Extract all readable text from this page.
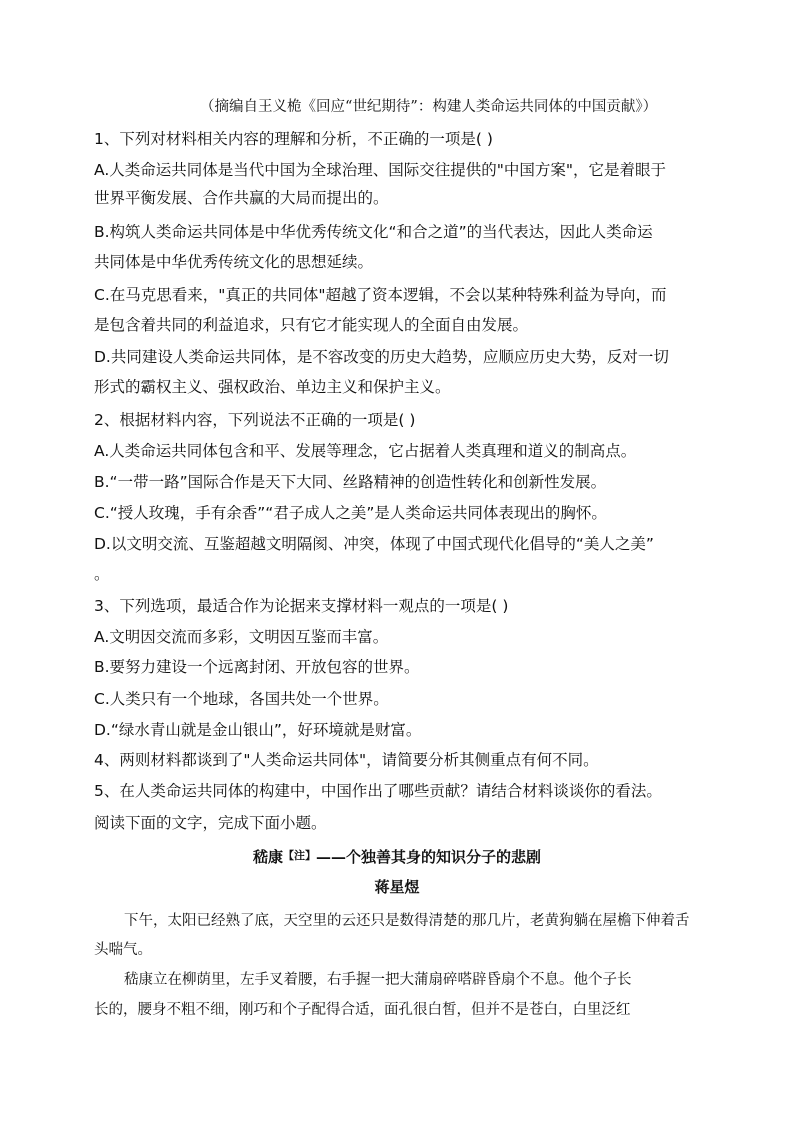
（摘编自王义桅《回应“世纪期待”：构建人类命运共同体的中国贡献》）
1、下列对材料相关内容的理解和分析，不正确的一项是( )
A.人类命运共同体是当代中国为全球治理、国际交往提供的"中国方案"，它是着眼于
世界平衡发展、合作共赢的大局而提出的。
B.构筑人类命运共同体是中华优秀传统文化“和合之道”的当代表达，因此人类命运
共同体是中华优秀传统文化的思想延续。
C.在马克思看来，"真正的共同体"超越了资本逻辑，不会以某种特殊利益为导向，而
是包含着共同的利益追求，只有它才能实现人的全面自由发展。
D.共同建设人类命运共同体，是不容改变的历史大趋势，应顺应历史大势，反对一切
形式的霸权主义、强权政治、单边主义和保护主义。
2、根据材料内容，下列说法不正确的一项是( )
A.人类命运共同体包含和平、发展等理念，它占据着人类真理和道义的制高点。
B.“一带一路”国际合作是天下大同、丝路精神的创造性转化和创新性发展。
C.“授人玫瑰，手有余香”“君子成人之美”是人类命运共同体表现出的胸怀。
D.以文明交流、互鉴超越文明隔阂、冲突，体现了中国式现代化倡导的“美人之美”
。
3、下列选项，最适合作为论据来支撑材料一观点的一项是( )
A.文明因交流而多彩，文明因互鉴而丰富。
B.要努力建设一个远离封闭、开放包容的世界。
C.人类只有一个地球，各国共处一个世界。
D.“绿水青山就是金山银山”，好环境就是财富。
4、两则材料都谈到了"人类命运共同体"，请简要分析其侧重点有何不同。
5、在人类命运共同体的构建中，中国作出了哪些贡献？请结合材料谈谈你的看法。
阅读下面的文字，完成下面小题。
嵇康$^{【注】}$——个独善其身的知识分子的悲剧
蒋星煜
下午，太阳已经熟了底，天空里的云还只是数得清楚的那几片，老黄狗躺在屋檐下伸着舌头喘气。
嵇康立在柳荫里，左手叉着腰，右手握一把大蒲扇碎嗒辟昏扇个不息。他个子长
长的，腰身不粗不细，刚巧和个子配得合适，面孔很白皙，但并不是苍白，白里泛红
